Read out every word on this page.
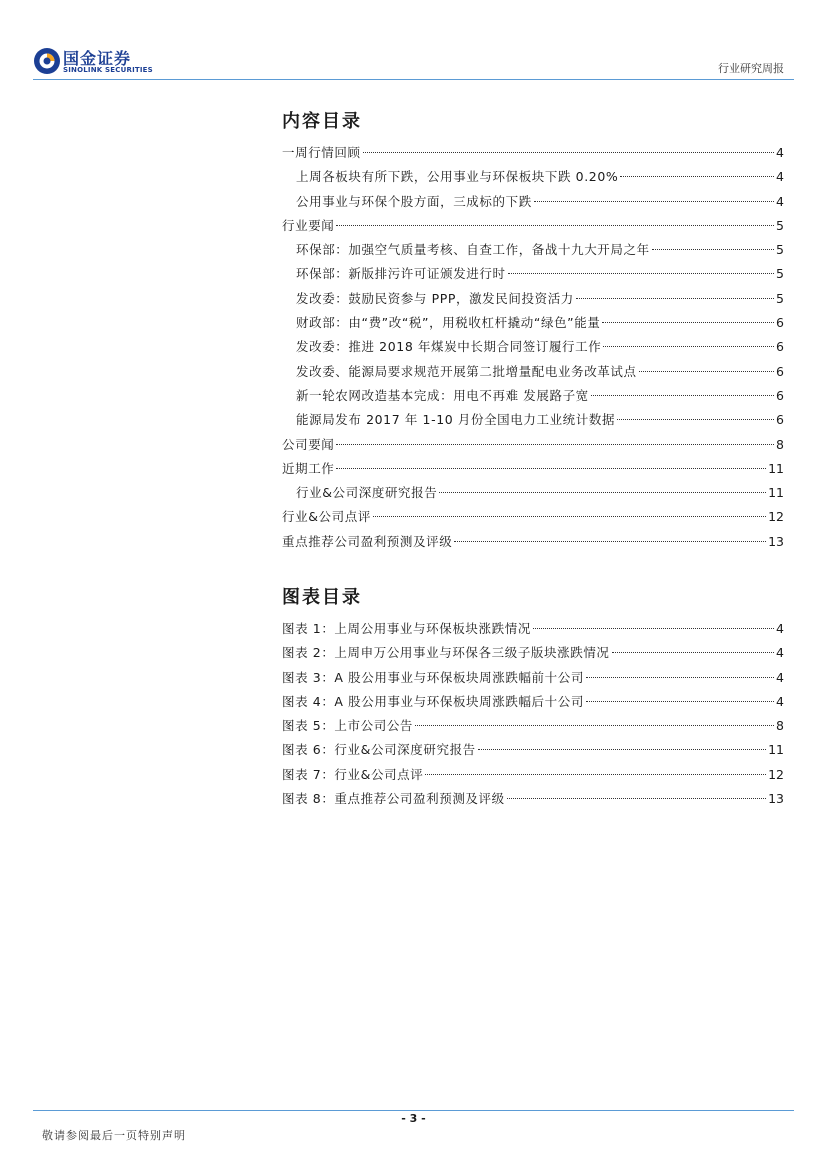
国金证券
SINOLINK SECURITIES	行业研究周报
内容目录
一周行情回顾	4
上周各板块有所下跌，公用事业与环保板块下跌 0.20%	4
公用事业与环保个股方面，三成标的下跌	4
行业要闻	5
环保部：加强空气质量考核、自查工作，备战十九大开局之年	5
环保部：新版排污许可证颁发进行时	5
发改委：鼓励民资参与 PPP，激发民间投资活力	5
财政部：由“费”改“税”，用税收杠杆撬动“绿色”能量	6
发改委：推进 2018 年煤炭中长期合同签订履行工作	6
发改委、能源局要求规范开展第二批增量配电业务改革试点	6
新一轮农网改造基本完成：用电不再难 发展路子宽	6
能源局发布 2017 年 1-10 月份全国电力工业统计数据	6
公司要闻	8
近期工作	11
行业&公司深度研究报告	11
行业&公司点评	12
重点推荐公司盈利预测及评级	13
图表目录
图表 1：上周公用事业与环保板块涨跌情况	4
图表 2：上周申万公用事业与环保各三级子版块涨跌情况	4
图表 3：A 股公用事业与环保板块周涨跌幅前十公司	4
图表 4：A 股公用事业与环保板块周涨跌幅后十公司	4
图表 5：上市公司公告	8
图表 6：行业&公司深度研究报告	11
图表 7：行业&公司点评	12
图表 8：重点推荐公司盈利预测及评级	13
- 3 -
敬请参阅最后一页特别声明
